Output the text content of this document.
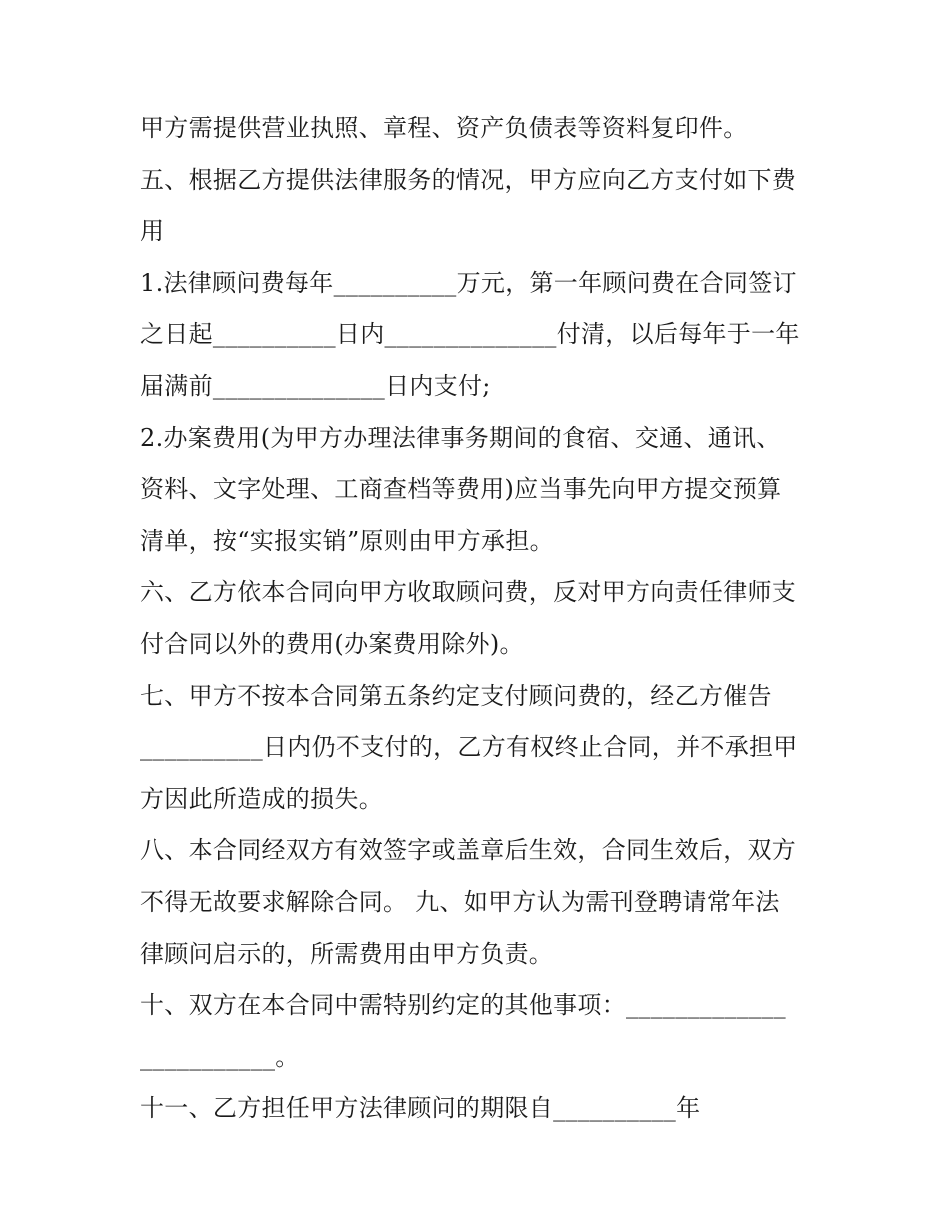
甲方需提供营业执照、章程、资产负债表等资料复印件。
五、根据乙方提供法律服务的情况，甲方应向乙方支付如下费
用
1.法律顾问费每年__________万元，第一年顾问费在合同签订
之日起__________日内______________付清，以后每年于一年
届满前______________日内支付;
2.办案费用(为甲方办理法律事务期间的食宿、交通、通讯、
资料、文字处理、工商查档等费用)应当事先向甲方提交预算
清单，按“实报实销”原则由甲方承担。
六、乙方依本合同向甲方收取顾问费，反对甲方向责任律师支
付合同以外的费用(办案费用除外)。
七、甲方不按本合同第五条约定支付顾问费的，经乙方催告
__________日内仍不支付的，乙方有权终止合同，并不承担甲
方因此所造成的损失。
八、本合同经双方有效签字或盖章后生效，合同生效后，双方
不得无故要求解除合同。 九、如甲方认为需刊登聘请常年法
律顾问启示的，所需费用由甲方负责。
十、双方在本合同中需特别约定的其他事项：_____________
___________。
十一、乙方担任甲方法律顾问的期限自__________年
